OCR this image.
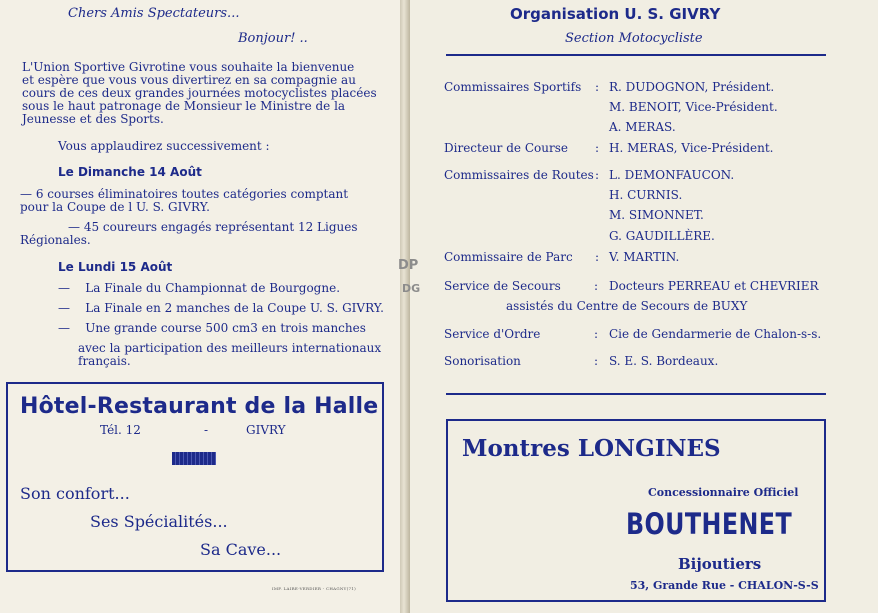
Chers Amis Spectateurs...
Bonjour! ..
L'Union Sportive Givrotine vous souhaite la bienvenue
et espère que vous vous divertirez en sa compagnie au
cours de ces deux grandes journées motocyclistes placées
sous le haut patronage de Monsieur le Ministre de la
Jeunesse et des Sports.
Vous applaudirez successivement :
Le Dimanche 14 Août
— 6 courses éliminatoires toutes catégories comptant
pour la Coupe de l U. S. GIVRY.
— 45 coureurs engagés représentant 12 Ligues
Régionales.
Le Lundi 15 Août
—    La Finale du Championnat de Bourgogne.
—    La Finale en 2 manches de la Coupe U. S. GIVRY.
—    Une grande course 500 cm3 en trois manches
avec la participation des meilleurs internationaux
français.
Hôtel-Restaurant de la Halle
Tél. 12	-	GIVRY
Son confort...
Ses Spécialités...
Sa Cave...
IMP. LAIRE-VERDIER - CHAGNY(71)
Organisation U. S. GIVRY
Section Motocycliste
Commissaires Sportifs : R. DUDOGNON, Président.
M. BENOIT, Vice-Président.
A. MERAS.
Directeur de Course : H. MERAS, Vice-Président.
Commissaires de Routes : L. DEMONFAUCON.
H. CURNIS.
M. SIMONNET.
G. GAUDILLÈRE.
Commissaire de Parc : V. MARTIN.
Service de Secours	: Docteurs PERREAU et CHEVRIER
assistés du Centre de Secours de BUXY
Service d'Ordre	: Cie de Gendarmerie de Chalon-s-s.
Sonorisation	: S. E. S. Bordeaux.
Montres LONGINES
Concessionnaire Officiel
BOUTHENET
Bijoutiers
53, Grande Rue - CHALON-S-S
DP
DG
